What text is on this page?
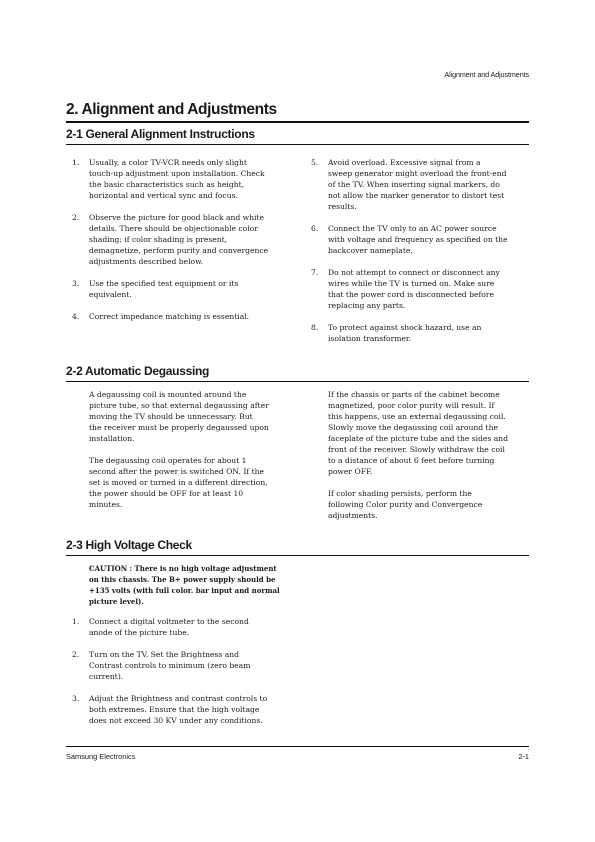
Alignment and Adjustments
2. Alignment and Adjustments
2-1 General Alignment Instructions
1. Usually, a color TV-VCR needs only slight
touch-up adjustment upon installation. Check
the basic characteristics such as height,
horizontal and vertical sync and focus.
2. Observe the picture for good black and white
details. There should be objectionable color
shading; if color shading is present,
demagnetize, perform purity and convergence
adjustments described below.
3. Use the specified test equipment or its
equivalent.
4. Correct impedance matching is essential.
5. Avoid overload. Excessive signal from a
sweep generator might overload the front-end
of the TV. When inserting signal markers, do
not allow the marker generator to distort test
results.
6. Connect the TV only to an AC power source
with voltage and frequency as specified on the
backcover nameplate.
7. Do not attempt to connect or disconnect any
wires while the TV is turned on. Make sure
that the power cord is disconnected before
replacing any parts.
8. To protect against shock hazard, use an
isolation transformer.
2-2 Automatic Degaussing

A degaussing coil is mounted around the
picture tube, so that external degaussing after
moving the TV should be unnecessary. But
the receiver must be properly degaussed upon
installation.

The degaussing coil operates for about 1
second after the power is switched ON. If the
set is moved or turned in a different direction,
the power should be OFF for at least 10
minutes.

If the chassis or parts of the cabinet become
magnetized, poor color purity will result. If
this happens, use an external degaussing coil.
Slowly move the degaussing coil around the
faceplate of the picture tube and the sides and
front of the receiver. Slowly withdraw the coil
to a distance of about 6 feet before turning
power OFF.

If color shading persists, perform the
following Color purity and Convergence
adjustments.

2-3 High Voltage Check
CAUTION : There is no high voltage adjustment
on this chassis. The B+ power supply should be
+135 volts (with full color. bar input and normal
picture level).
1. Connect a digital voltmeter to the second
anode of the picture tube.
2. Turn on the TV. Set the Brightness and
Contrast controls to minimum (zero beam
current).
3. Adjust the Brightness and contrast controls to
both extremes. Ensure that the high voltage
does not exceed 30 KV under any conditions.
Samsung Electronics	2-1
